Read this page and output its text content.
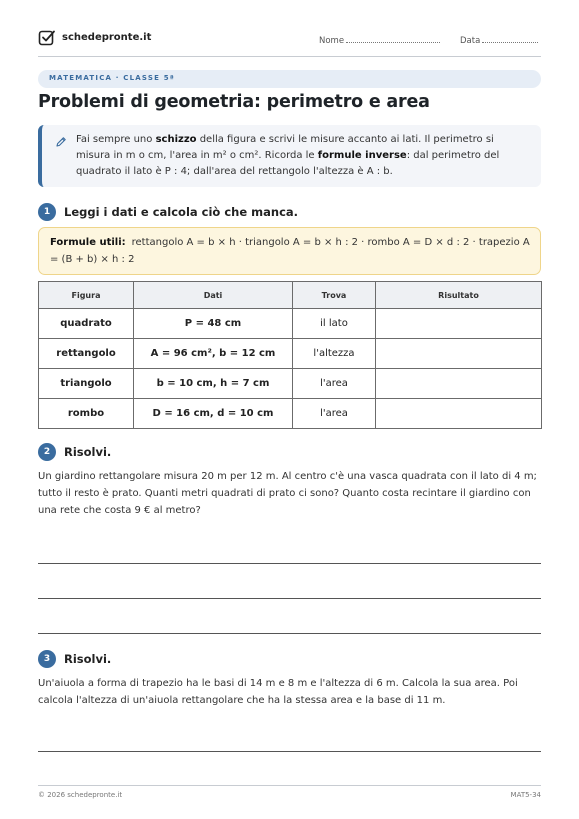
schedepronte.it	Nome	Data
MATEMATICA · CLASSE 5ª
Problemi di geometria: perimetro e area
Fai sempre uno schizzo della figura e scrivi le misure accanto ai lati. Il perimetro si misura in m o cm, l'area in m² o cm². Ricorda le formule inverse: dal perimetro del quadrato il lato è P : 4; dall'area del rettangolo l'altezza è A : b.
1	Leggi i dati e calcola ciò che manca.
Formule utili: rettangolo A = b × h · triangolo A = b × h : 2 · rombo A = D × d : 2 · trapezio A = (B + b) × h : 2
Figura	Dati	Trova	Risultato
quadrato	P = 48 cm	il lato	
rettangolo	A = 96 cm², b = 12 cm	l'altezza	
triangolo	b = 10 cm, h = 7 cm	l'area	
rombo	D = 16 cm, d = 10 cm	l'area	
2	Risolvi.
Un giardino rettangolare misura 20 m per 12 m. Al centro c'è una vasca quadrata con il lato di 4 m; tutto il resto è prato. Quanti metri quadrati di prato ci sono? Quanto costa recintare il giardino con una rete che costa 9 € al metro?
3	Risolvi.
Un'aiuola a forma di trapezio ha le basi di 14 m e 8 m e l'altezza di 6 m. Calcola la sua area. Poi calcola l'altezza di un'aiuola rettangolare che ha la stessa area e la base di 11 m.
© 2026 schedepronte.it	MAT5-34
